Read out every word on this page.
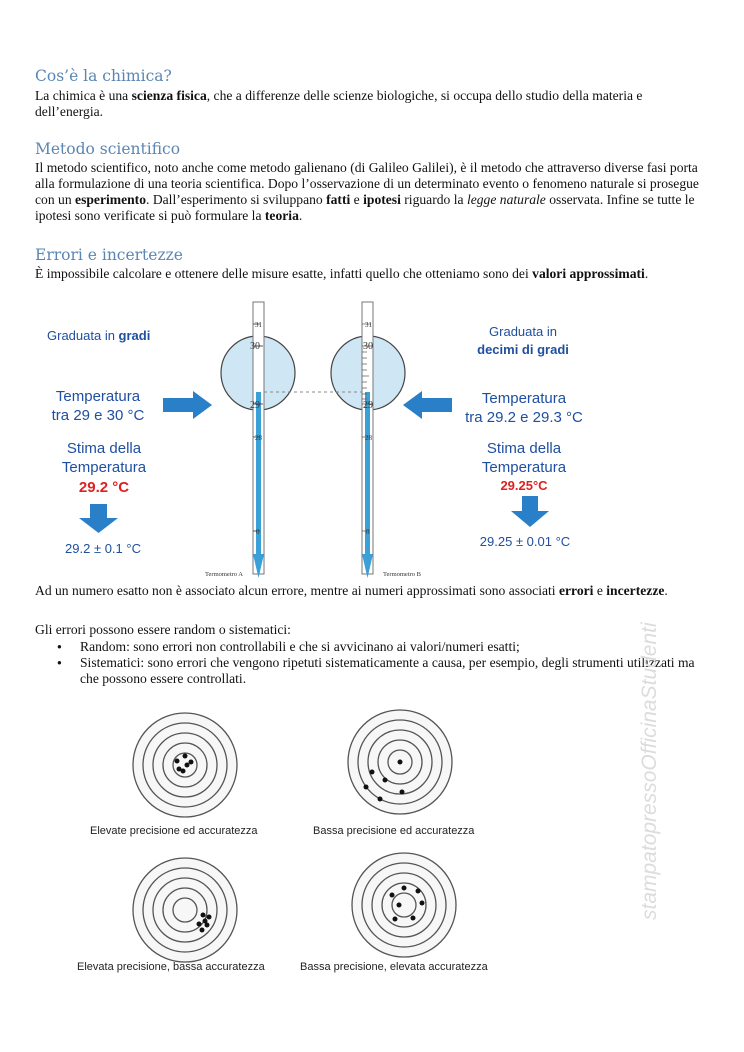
Cos’è la chimica?
La chimica è una scienza fisica, che a differenze delle scienze biologiche, si occupa dello studio della materia e dell’energia.
Metodo scientifico
Il metodo scientifico, noto anche come metodo galienano (di Galileo Galilei), è il metodo che attraverso diverse fasi porta alla formulazione di una teoria scientifica. Dopo l’osservazione di un determinato evento o fenomeno naturale si prosegue con un esperimento. Dall’esperimento si sviluppano fatti e ipotesi riguardo la legge naturale osservata. Infine se tutte le ipotesi sono verificate si può formulare la teoria.
Errori e incertezze
È impossibile calcolare e ottenere delle misure esatte, infatti quello che otteniamo sono dei valori approssimati.
31
30
29
28
0
31
30
29
28
0
Termometro A	Termometro B
Graduata in gradi
Temperatura
tra 29 e 30 °C
Stima della
Temperatura
29.2 °C
29.2 ± 0.1 °C
Graduata in
decimi di gradi
Temperatura
tra 29.2 e 29.3 °C
Stima della
Temperatura
29.25°C
29.25 ± 0.01 °C
Ad un numero esatto non è associato alcun errore, mentre ai numeri approssimati sono associati errori e incertezze.
Gli errori possono essere random o sistematici:
● Random: sono errori non controllabili e che si avvicinano ai valori/numeri esatti;
● Sistematici: sono errori che vengono ripetuti sistematicamente a causa, per esempio, degli strumenti utilizzati ma che possono essere controllati.
Elevate precisione ed accuratezza	Bassa precisione ed accuratezza
Elevata precisione, bassa accuratezza	Bassa precisione, elevata accuratezza
stampatopressoOfficinaStudenti
